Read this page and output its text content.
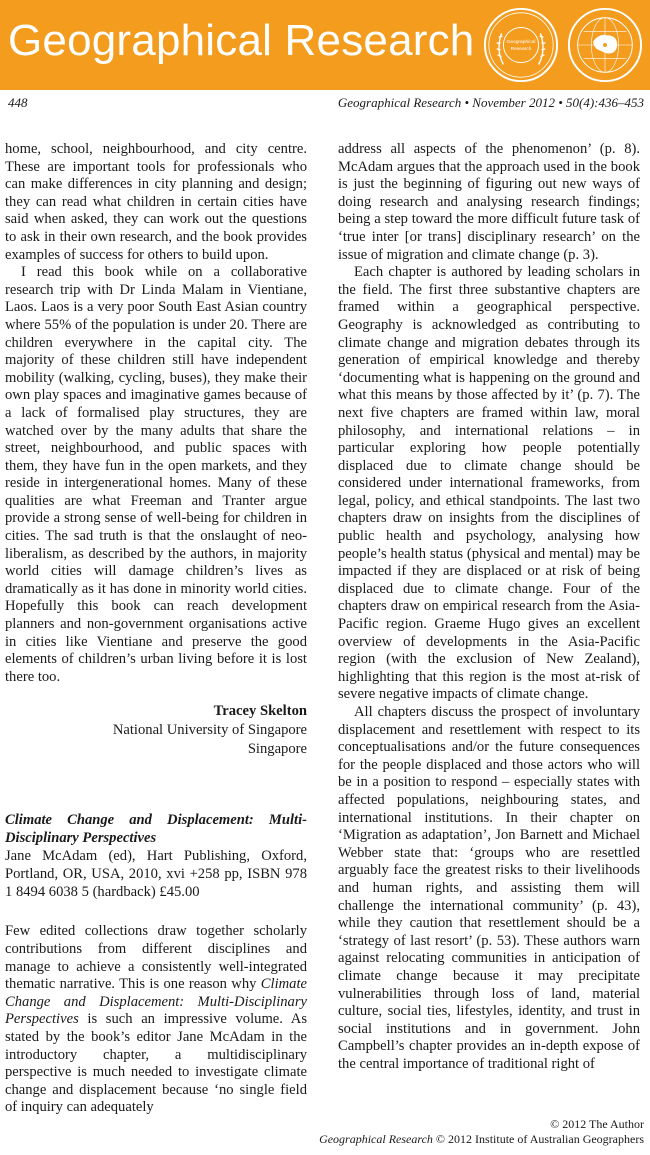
Geographical Research	Geographical
Research
448	Geographical Research • November 2012 • 50(4):436–453

home, school, neighbourhood, and city centre. These are important tools for professionals who can make differences in city planning and design; they can read what children in certain cities have said when asked, they can work out the questions to ask in their own research, and the book provides examples of success for others to build upon.

I read this book while on a collaborative research trip with Dr Linda Malam in Vientiane, Laos. Laos is a very poor South East Asian country where 55% of the population is under 20. There are children everywhere in the capital city. The majority of these children still have independent mobility (walking, cycling, buses), they make their own play spaces and imaginative games because of a lack of formalised play structures, they are watched over by the many adults that share the street, neighbourhood, and public spaces with them, they have fun in the open markets, and they reside in intergenerational homes. Many of these qualities are what Freeman and Tranter argue provide a strong sense of well-being for children in cities. The sad truth is that the onslaught of neo-liberalism, as described by the authors, in majority world cities will damage children’s lives as dramatically as it has done in minority world cities. Hopefully this book can reach development planners and non-government organisations active in cities like Vientiane and preserve the good elements of children’s urban living before it is lost there too.

Tracey Skelton
National University of Singapore
Singapore
Climate Change and Displacement: Multi-Disciplinary Perspectives
Jane McAdam (ed), Hart Publishing, Oxford, Portland, OR, USA, 2010, xvi +258 pp, ISBN 978 1 8494 6038 5 (hardback) £45.00

Few edited collections draw together scholarly contributions from different disciplines and manage to achieve a consistently well-integrated thematic narrative. This is one reason why Climate Change and Displacement: Multi-Disciplinary Perspectives is such an impressive volume. As stated by the book’s editor Jane McAdam in the introductory chapter, a multidisciplinary perspective is much needed to investigate climate change and displacement because ‘no single field of inquiry can adequately

address all aspects of the phenomenon’ (p. 8). McAdam argues that the approach used in the book is just the beginning of figuring out new ways of doing research and analysing research findings; being a step toward the more difficult future task of ‘true inter [or trans] disciplinary research’ on the issue of migration and climate change (p. 3).

Each chapter is authored by leading scholars in the field. The first three substantive chapters are framed within a geographical perspective. Geography is acknowledged as contributing to climate change and migration debates through its generation of empirical knowledge and thereby ‘documenting what is happening on the ground and what this means by those affected by it’ (p. 7). The next five chapters are framed within law, moral philosophy, and international relations – in particular exploring how people potentially displaced due to climate change should be considered under international frameworks, from legal, policy, and ethical standpoints. The last two chapters draw on insights from the disciplines of public health and psychology, analysing how people’s health status (physical and mental) may be impacted if they are displaced or at risk of being displaced due to climate change. Four of the chapters draw on empirical research from the Asia-Pacific region. Graeme Hugo gives an excellent overview of developments in the Asia-Pacific region (with the exclusion of New Zealand), highlighting that this region is the most at-risk of severe negative impacts of climate change.

All chapters discuss the prospect of involuntary displacement and resettlement with respect to its conceptualisations and/or the future consequences for the people displaced and those actors who will be in a position to respond – especially states with affected populations, neighbouring states, and international institutions. In their chapter on ‘Migration as adaptation’, Jon Barnett and Michael Webber state that: ‘groups who are resettled arguably face the greatest risks to their livelihoods and human rights, and assisting them will challenge the international community’ (p. 43), while they caution that resettlement should be a ‘strategy of last resort’ (p. 53). These authors warn against relocating communities in anticipation of climate change because it may precipitate vulnerabilities through loss of land, material culture, social ties, lifestyles, identity, and trust in social institutions and in government. John Campbell’s chapter provides an in-depth expose of the central importance of traditional right of

© 2012 The Author
Geographical Research © 2012 Institute of Australian Geographers
